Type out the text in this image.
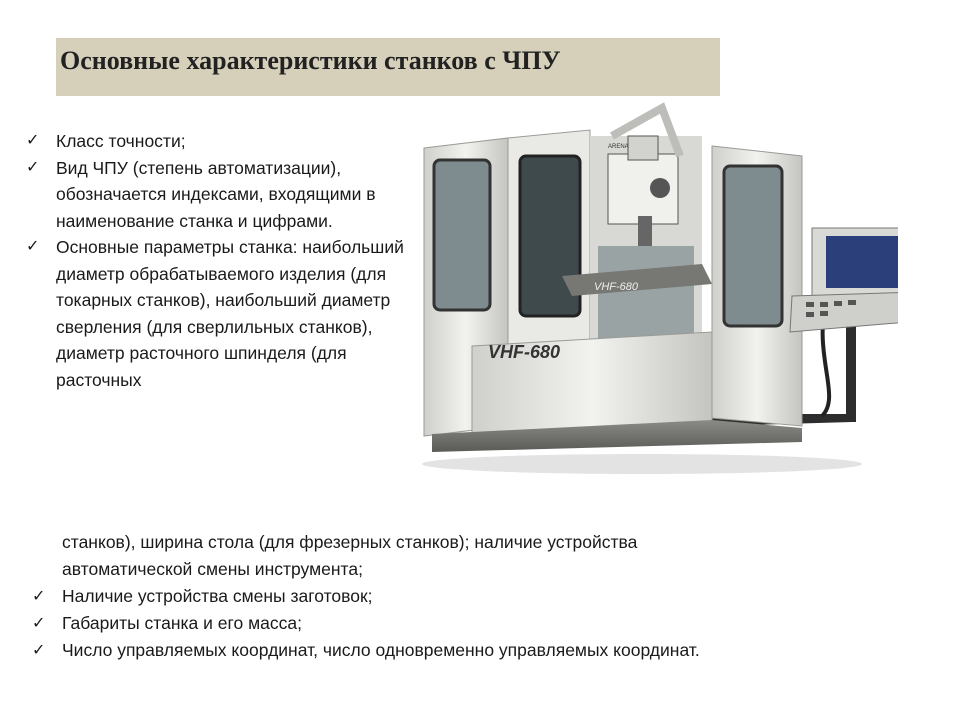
Основные характеристики станков с ЧПУ
✓ Класс точности;
✓ Вид ЧПУ (степень автоматизации), обозначается индексами, входящими в наименование станка и цифрами.
✓ Основные параметры станка: наибольший диаметр обрабатываемого изделия (для токарных станков), наибольший диаметр сверления (для сверлильных станков), диаметр расточного шпинделя (для расточных
VHF-680
VHF-680
ARENA
станков), ширина стола (для фрезерных станков); наличие устройства
автоматической смены инструмента;
✓ Наличие устройства смены заготовок;
✓ Габариты станка и его масса;
✓ Число управляемых координат, число одновременно управляемых координат.
